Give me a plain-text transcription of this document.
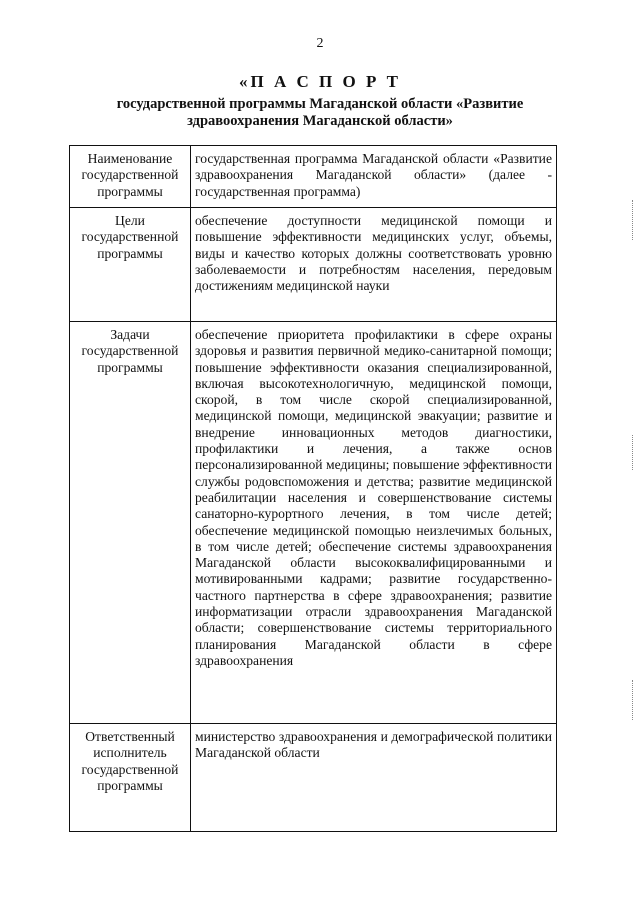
2
«П А С П О Р Т
государственной программы Магаданской области «Развитие здравоохранения Магаданской области»
Наименование государственной программы	государственная программа Магаданской области «Развитие здравоохранения Магаданской области» (далее - государственная программа)
Цели государственной программы	обеспечение доступности медицинской помощи и повышение эффективности медицинских услуг, объемы, виды и качество которых должны соответствовать уровню заболеваемости и потребностям населения, передовым достижениям медицинской науки
Задачи государственной программы	обеспечение приоритета профилактики в сфере охраны здоровья и развития первичной медико-санитарной помощи; повышение эффективности оказания специализированной, включая высокотехнологичную, медицинской помощи, скорой, в том числе скорой специализированной, медицинской помощи, медицинской эвакуации; развитие и внедрение инновационных методов диагностики, профилактики и лечения, а также основ персонализированной медицины; повышение эффективности службы родовспоможения и детства; развитие медицинской реабилитации населения и совершенствование системы санаторно-курортного лечения, в том числе детей; обеспечение медицинской помощью неизлечимых больных, в том числе детей; обеспечение системы здравоохранения Магаданской области высококвалифицированными и мотивированными кадрами; развитие государственно-частного партнерства в сфере здравоохранения; развитие информатизации отрасли здравоохранения Магаданской области; совершенствование системы территориального планирования Магаданской области в сфере здравоохранения
Ответственный исполнитель государственной программы	министерство здравоохранения и демографической политики Магаданской области
